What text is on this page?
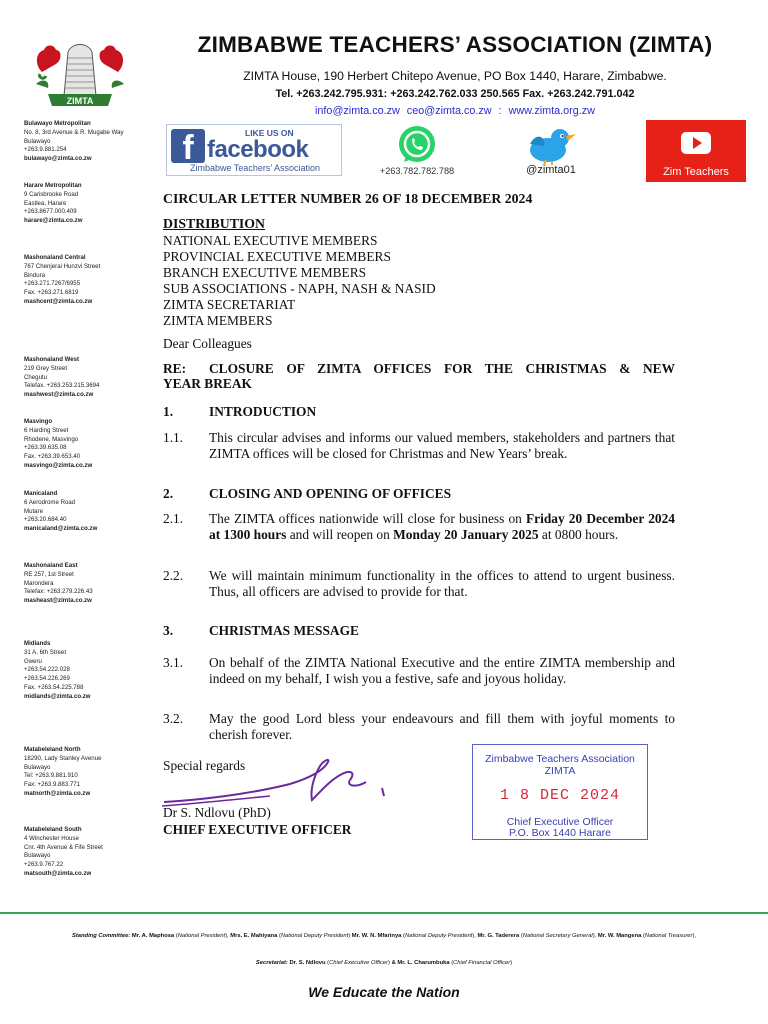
ZIMTA
ZIMBABWE TEACHERS’ ASSOCIATION (ZIMTA)
ZIMTA House, 190 Herbert Chitepo Avenue, PO Box 1440, Harare, Zimbabwe.
Tel. +263.242.795.931: +263.242.762.033 250.565 Fax. +263.242.791.042
info@zimta.co.zw ceo@zimta.co.zw : www.zimta.org.zw
LIKE US ON
f facebook
Zimbabwe Teachers’ Association	+263.782.782.788	@zimta01	Zim Teachers
Bulawayo Metropolitan
No. 8, 3rd Avenue & R. Mugabe Way
Bulawayo
+263.9.881.254
bulawayo@zimta.co.zw
Harare Metropolitan
9 Carisbrooke Road
Eastlea, Harare
+263.8677.000.409
harare@zimta.co.zw
Mashonaland Central
767 Chenjerai Hunzvi Street
Bindura
+263.271.7267/6955
Fax. +263.271.6819
mashcent@zimta.co.zw
Mashonaland West
219 Grey Street
Chegutu
Telefax. +263.253.215.3694
mashwest@zimta.co.zw
Masvingo
6 Harding Street
Rhodene, Masvingo
+263.39.635.08
Fax. +263.39.653.40
masvingo@zimta.co.zw
Manicaland
6 Aerodrome Road
Mutare
+263.20.684.40
manicaland@zimta.co.zw
Mashonaland East
RE 257, 1st Street
Marondera
Telefax: +263.279.226.43
masheast@zimta.co.zw
Midlands
31 A, 6th Street
Gweru
+263.54.222.028
+263.54.226.269
Fax. +263.54.225.788
midlands@zimta.co.zw
Matabeleland North
18290, Lady Stanley Avenue
Bulawayo
Tel: +263.9.881.910
Fax: +263.9.883.771
matnorth@zimta.co.zw
Matabeleland South
4 Winchester House
Cnr. 4th Avenue & Fife Street
Bulawayo
+263.9.767.22
matsouth@zimta.co.zw
CIRCULAR LETTER NUMBER 26 OF 18 DECEMBER 2024
DISTRIBUTION
NATIONAL EXECUTIVE MEMBERS
PROVINCIAL EXECUTIVE MEMBERS
BRANCH EXECUTIVE MEMBERS
SUB ASSOCIATIONS - NAPH, NASH & NASID
ZIMTA SECRETARIAT
ZIMTA MEMBERS
Dear Colleagues
RE: CLOSURE OF ZIMTA OFFICES FOR THE CHRISTMAS & NEW
YEAR BREAK
1.	INTRODUCTION
1.1. This circular advises and informs our valued members, stakeholders and partners that ZIMTA offices will be closed for Christmas and New Years’ break.
2.	CLOSING AND OPENING OF OFFICES
2.1. The ZIMTA offices nationwide will close for business on Friday 20 December 2024 at 1300 hours and will reopen on Monday 20 January 2025 at 0800 hours.
2.2. We will maintain minimum functionality in the offices to attend to urgent business. Thus, all officers are advised to provide for that.
3.	CHRISTMAS MESSAGE
3.1. On behalf of the ZIMTA National Executive and the entire ZIMTA membership and indeed on my behalf, I wish you a festive, safe and joyous holiday.
3.2. May the good Lord bless your endeavours and fill them with joyful moments to cherish forever.
Special regards
Dr S. Ndlovu (PhD)
CHIEF EXECUTIVE OFFICER
Zimbabwe Teachers Association
ZIMTA
1 8 DEC 2024
Chief Executive Officer
P.O. Box 1440 Harare
Standing Committee: Mr. A. Maphosa (National President), Mrs. E. Mahiyana (National Deputy President) Mr. W. N. Mfarinya (National Deputy President), Mr. G. Taderera (National Secretary General), Mr. W. Mangena (National Treasurer),
Secretariat: Dr. S. Ndlovu (Chief Executive Officer) & Mr. L. Charumbuka (Chief Financial Officer)
We Educate the Nation
